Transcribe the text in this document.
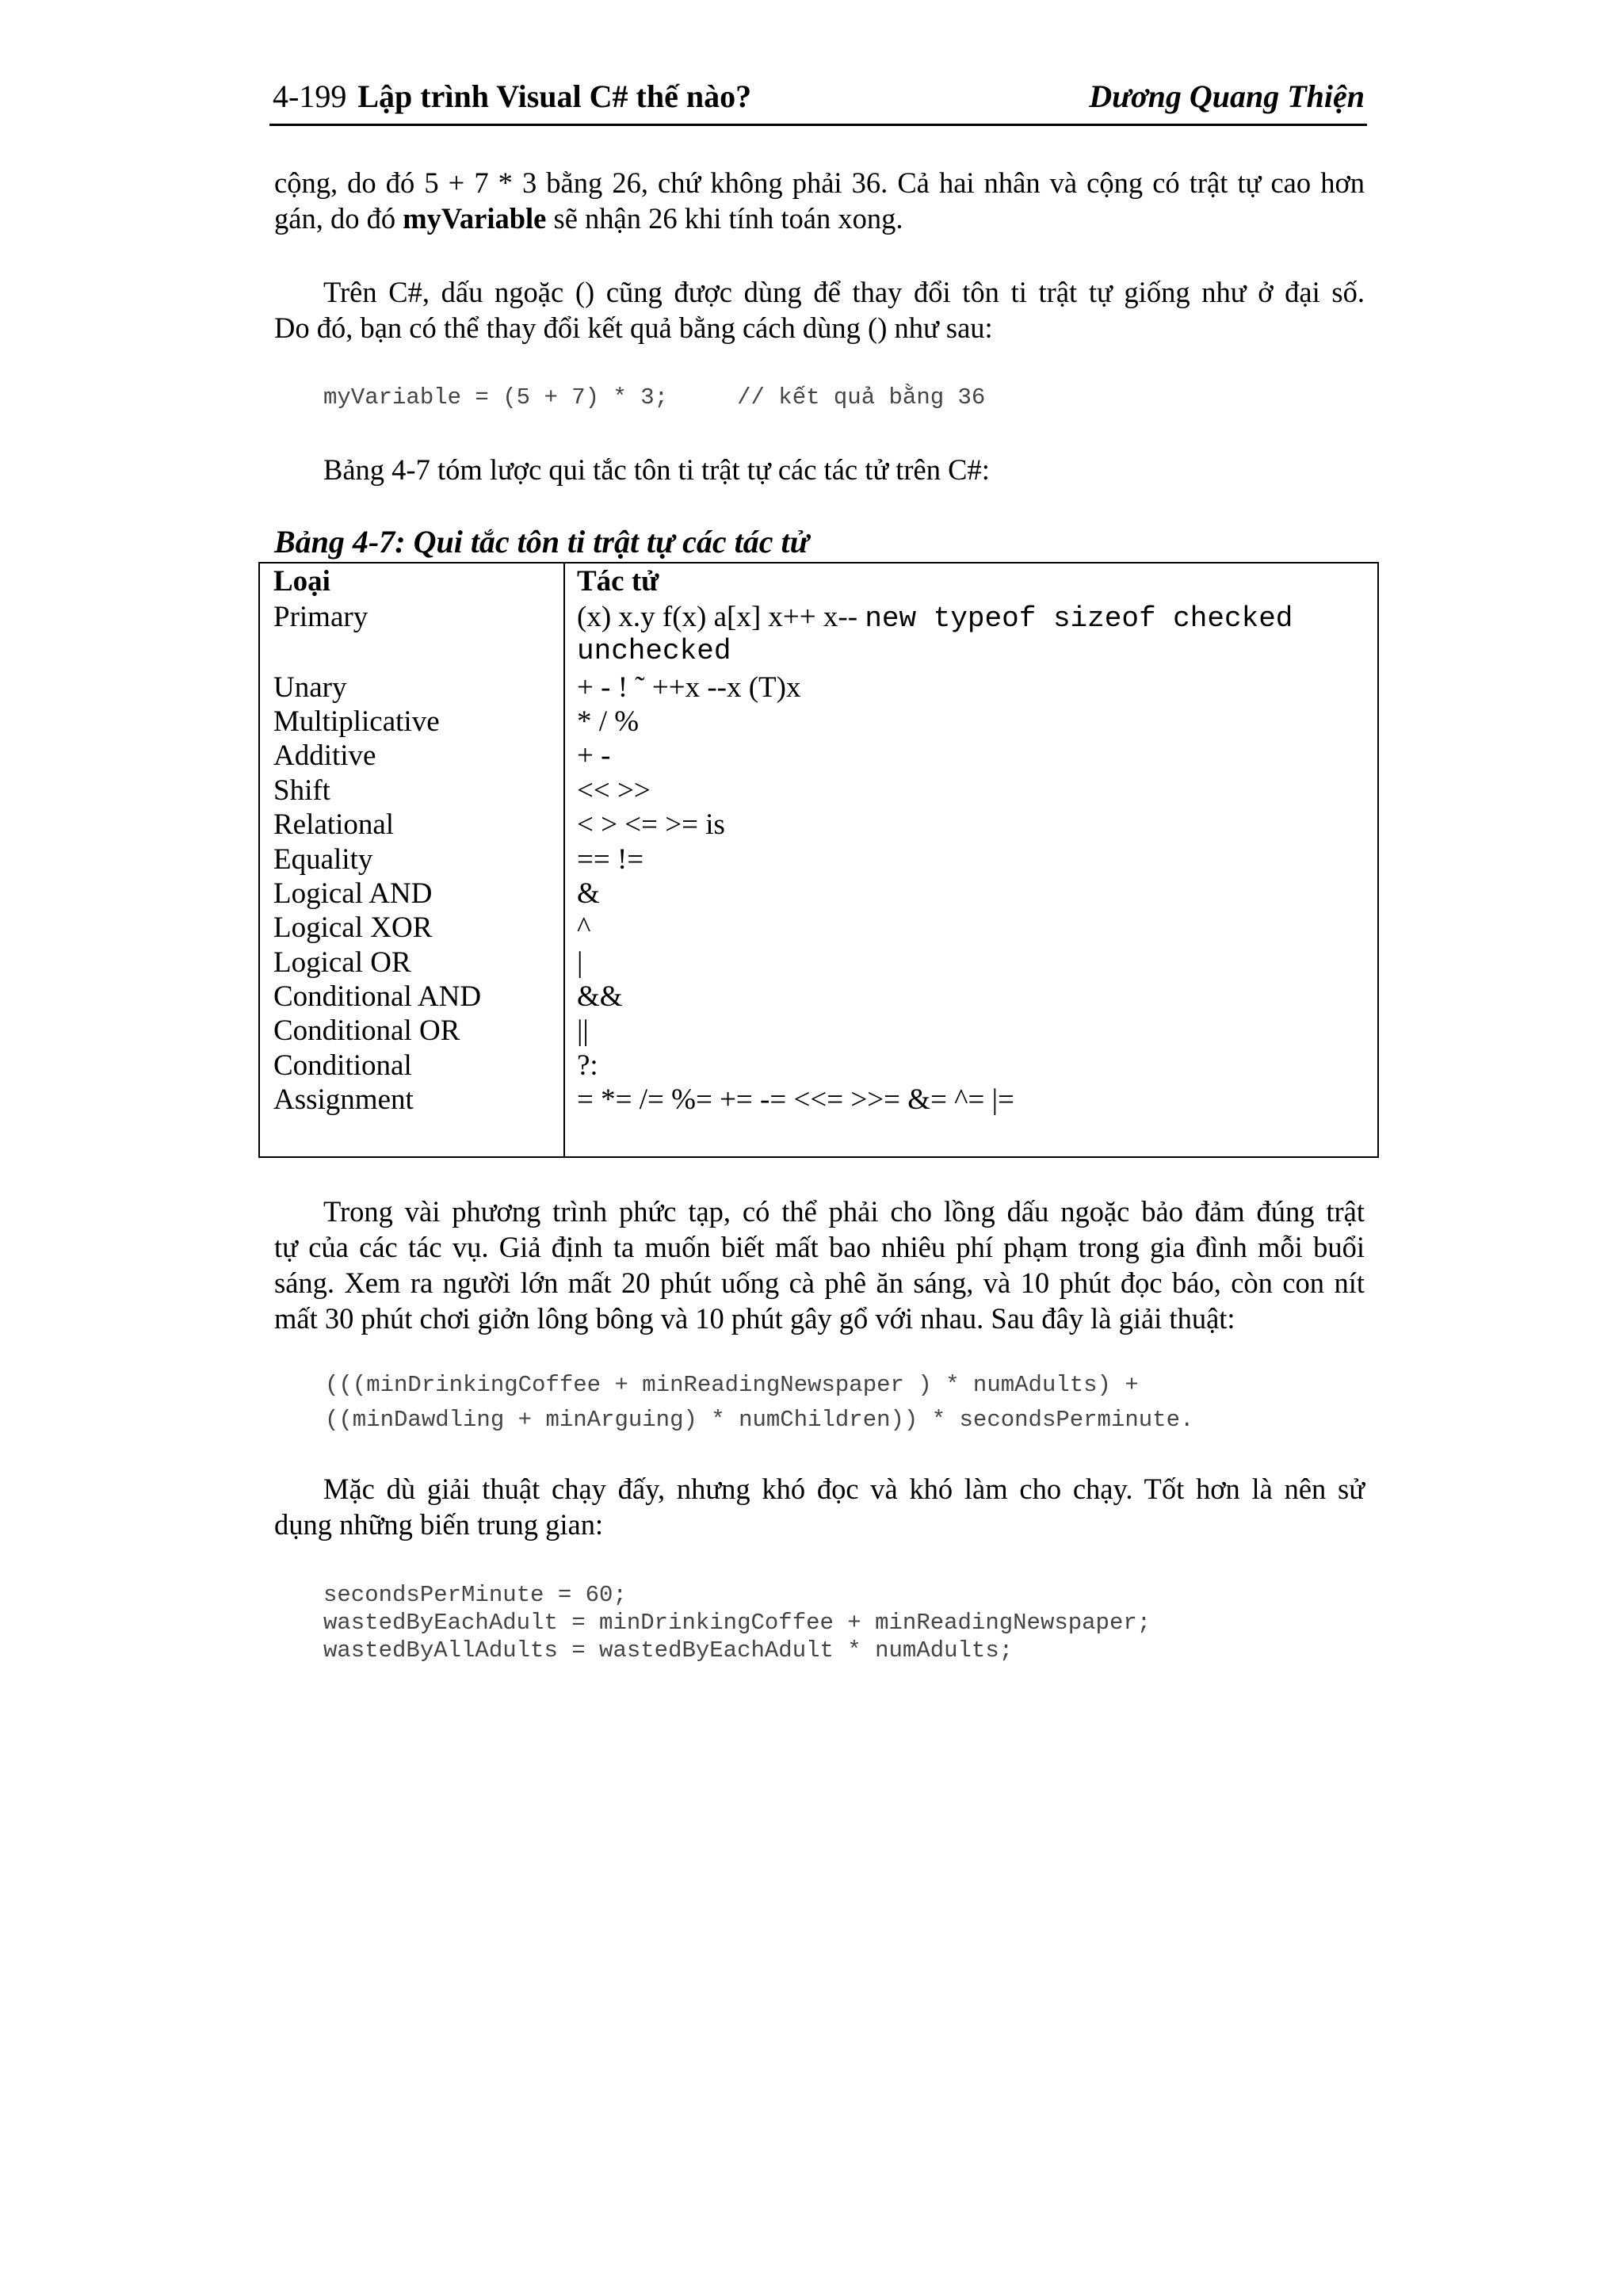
4-199 Lập trình Visual C# thế nào?	Dương Quang Thiện
cộng, do đó 5 + 7 * 3 bằng 26, chứ không phải 36. Cả hai nhân và cộng có trật tự cao hơn
gán, do đó myVariable sẽ nhận 26 khi tính toán xong.
Trên C#, dấu ngoặc () cũng được dùng để thay đổi tôn ti trật tự giống như ở đại số.
Do đó, bạn có thể thay đổi kết quả bằng cách dùng () như sau:
myVariable = (5 + 7) * 3;     // kết quả bằng 36
Bảng 4-7 tóm lược qui tắc tôn ti trật tự các tác tử trên C#:
Bảng 4-7: Qui tắc tôn ti trật tự các tác tử
Loại	Tác tử
Primary	(x) x.y f(x) a[x] x++ x-- new typeof sizeof checked
unchecked
Unary	+ - ! ˜ ++x --x (T)x
Multiplicative	* / %
Additive	+ -
Shift	<< >>
Relational	< > <= >= is
Equality	== !=
Logical AND	&
Logical XOR	^
Logical OR	|
Conditional AND	&&
Conditional OR	||
Conditional	?:
Assignment	= *= /= %= += -= <<= >>= &= ^= |=
Trong vài phương trình phức tạp, có thể phải cho lồng dấu ngoặc bảo đảm đúng trật
tự của các tác vụ. Giả định ta muốn biết mất bao nhiêu phí phạm trong gia đình mỗi buổi
sáng. Xem ra người lớn mất 20 phút uống cà phê ăn sáng, và 10 phút đọc báo, còn con nít
mất 30 phút chơi giởn lông bông và 10 phút gây gổ với nhau. Sau đây là giải thuật:
(((minDrinkingCoffee + minReadingNewspaper ) * numAdults) +
((minDawdling + minArguing) * numChildren)) * secondsPerminute.
Mặc dù giải thuật chạy đấy, nhưng khó đọc và khó làm cho chạy. Tốt hơn là nên sử
dụng những biến trung gian:
secondsPerMinute = 60;
wastedByEachAdult = minDrinkingCoffee + minReadingNewspaper;
wastedByAllAdults = wastedByEachAdult * numAdults;
